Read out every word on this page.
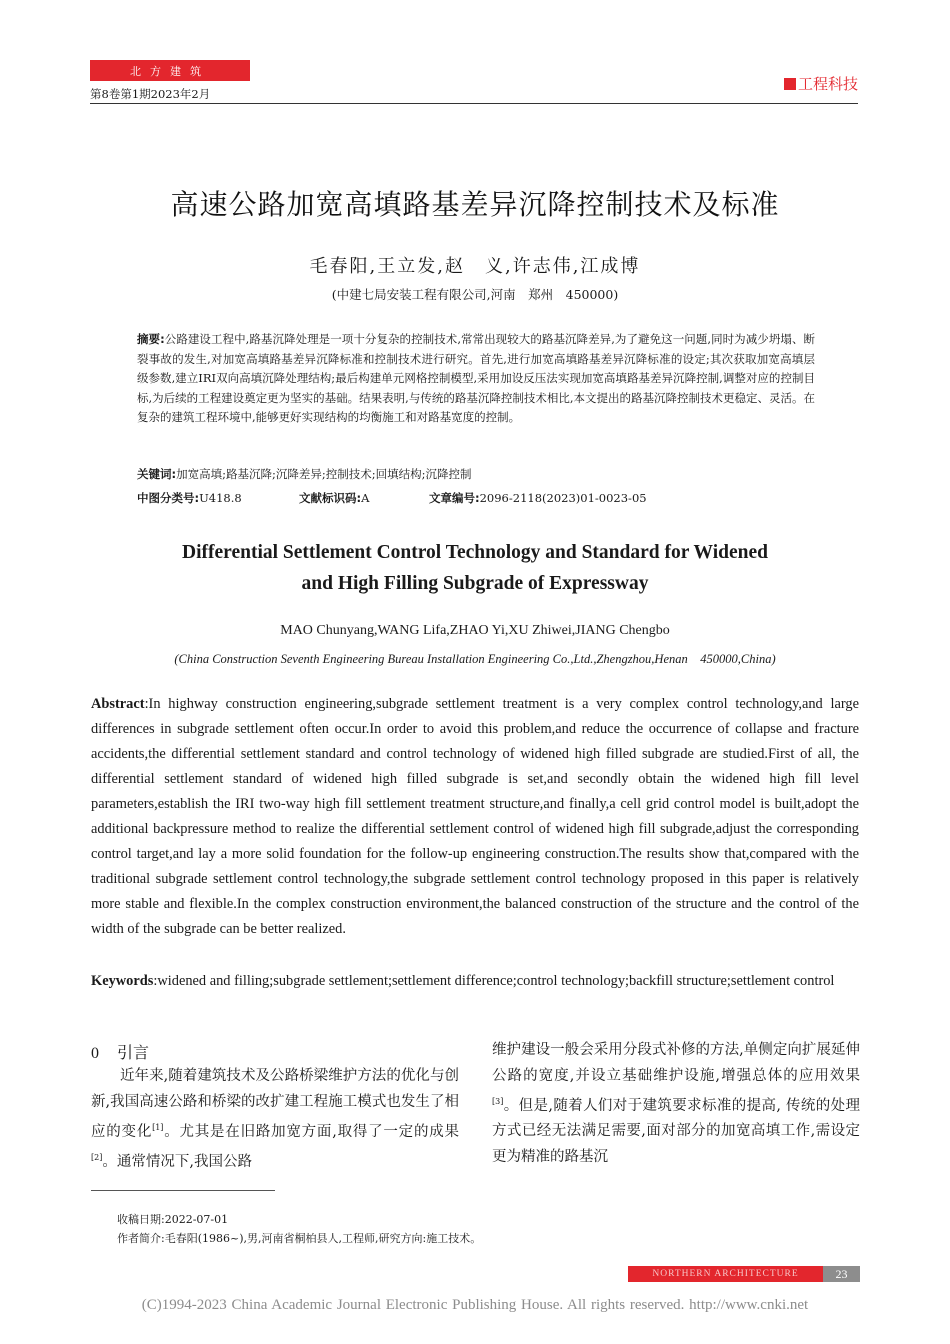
北方建筑
第8卷第1期2023年2月
工程科技
高速公路加宽高填路基差异沉降控制技术及标准
毛春阳,王立发,赵　义,许志伟,江成博
(中建七局安装工程有限公司,河南　郑州　450000)
摘要:公路建设工程中,路基沉降处理是一项十分复杂的控制技术,常常出现较大的路基沉降差异,为了避免这一问题,同时为减少坍塌、断裂事故的发生,对加宽高填路基差异沉降标准和控制技术进行研究。首先,进行加宽高填路基差异沉降标准的设定;其次获取加宽高填层级参数,建立IRI双向高填沉降处理结构;最后构建单元网格控制模型,采用加设反压法实现加宽高填路基差异沉降控制,调整对应的控制目标,为后续的工程建设奠定更为坚实的基础。结果表明,与传统的路基沉降控制技术相比,本文提出的路基沉降控制技术更稳定、灵活。在复杂的建筑工程环境中,能够更好实现结构的均衡施工和对路基宽度的控制。
关键词:加宽高填;路基沉降;沉降差异;控制技术;回填结构;沉降控制
中图分类号:U418.8	文献标识码:A	文章编号:2096-2118(2023)01-0023-05
Differential Settlement Control Technology and Standard for Widened
and High Filling Subgrade of Expressway
MAO Chunyang,WANG Lifa,ZHAO Yi,XU Zhiwei,JIANG Chengbo
(China Construction Seventh Engineering Bureau Installation Engineering Co.,Ltd.,Zhengzhou,Henan　450000,China)
Abstract:In highway construction engineering,subgrade settlement treatment is a very complex control technology,and large differences in subgrade settlement often occur.In order to avoid this problem,and reduce the occurrence of collapse and fracture accidents,the differential settlement standard and control technology of widened high filled subgrade are studied.First of all, the differential settlement standard of widened high filled subgrade is set,and secondly obtain the widened high fill level parameters,establish the IRI two-way high fill settlement treatment structure,and finally,a cell grid control model is built,adopt the additional backpressure method to realize the differential settlement control of widened high fill subgrade,adjust the corresponding control target,and lay a more solid foundation for the follow-up engineering construction.The results show that,compared with the traditional subgrade settlement control technology,the subgrade settlement control technology proposed in this paper is relatively more stable and flexible.In the complex construction environment,the balanced construction of the structure and the control of the width of the subgrade can be better realized.
Keywords:widened and filling;subgrade settlement;settlement difference;control technology;backfill structure;settlement control
0 引言
近年来,随着建筑技术及公路桥梁维护方法的优化与创新,我国高速公路和桥梁的改扩建工程施工模式也发生了相应的变化[1]。尤其是在旧路加宽方面,取得了一定的成果[2]。通常情况下,我国公路
维护建设一般会采用分段式补修的方法,单侧定向扩展延伸公路的宽度,并设立基础维护设施,增强总体的应用效果[3]。但是,随着人们对于建筑要求标准的提高, 传统的处理方式已经无法满足需要,面对部分的加宽高填工作,需设定更为精准的路基沉
收稿日期:2022-07-01
作者简介:毛春阳(1986~),男,河南省桐柏县人,工程师,研究方向:施工技术。
NORTHERN ARCHITECTURE	23
(C)1994-2023 China Academic Journal Electronic Publishing House. All rights reserved. http://www.cnki.net
